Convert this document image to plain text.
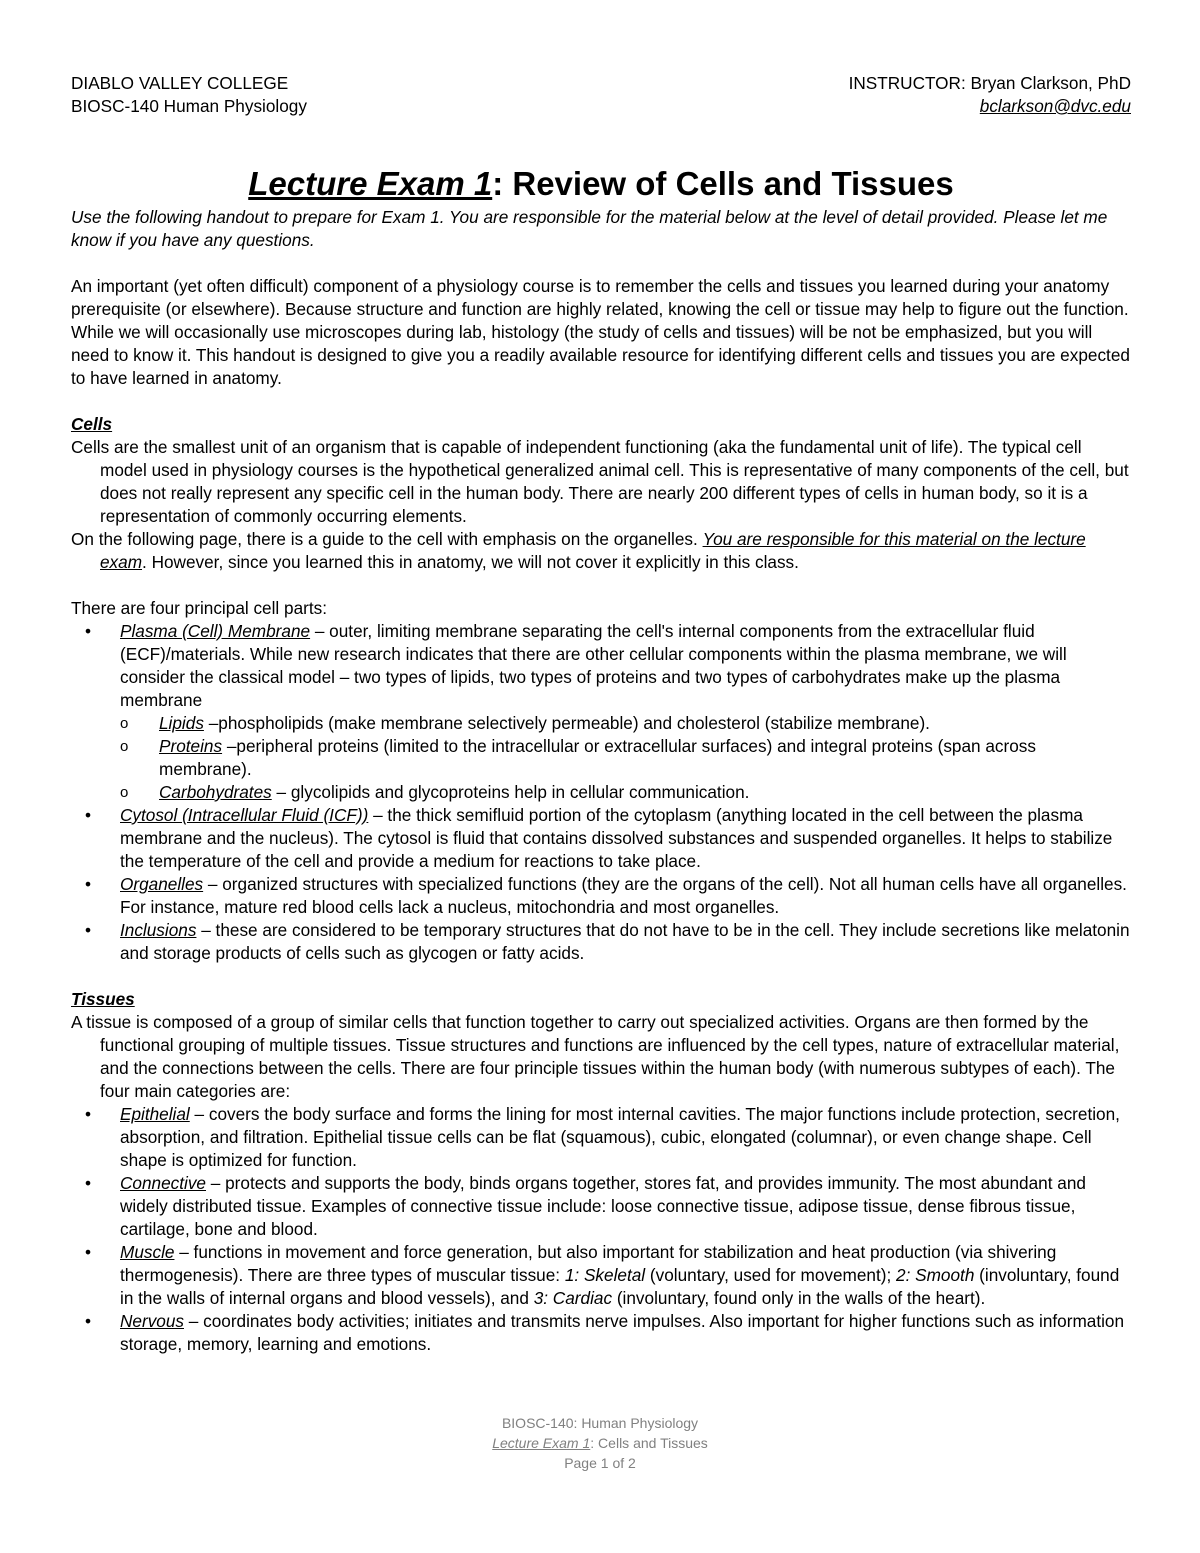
DIABLO VALLEY COLLEGE
BIOSC-140 Human Physiology
INSTRUCTOR: Bryan Clarkson, PhD
bclarkson@dvc.edu
Lecture Exam 1: Review of Cells and Tissues

Use the following handout to prepare for Exam 1. You are responsible for the material below at the level of detail provided. Please let me know if you have any questions.

An important (yet often difficult) component of a physiology course is to remember the cells and tissues you learned during your anatomy prerequisite (or elsewhere). Because structure and function are highly related, knowing the cell or tissue may help to figure out the function. While we will occasionally use microscopes during lab, histology (the study of cells and tissues) will be not be emphasized, but you will need to know it. This handout is designed to give you a readily available resource for identifying different cells and tissues you are expected to have learned in anatomy.

Cells

Cells are the smallest unit of an organism that is capable of independent functioning (aka the fundamental unit of life). The typical cell model used in physiology courses is the hypothetical generalized animal cell. This is representative of many components of the cell, but does not really represent any specific cell in the human body. There are nearly 200 different types of cells in human body, so it is a representation of commonly occurring elements.

On the following page, there is a guide to the cell with emphasis on the organelles. You are responsible for this material on the lecture exam. However, since you learned this in anatomy, we will not cover it explicitly in this class.

There are four principal cell parts:

• Plasma (Cell) Membrane – outer, limiting membrane separating the cell's internal components from the extracellular fluid (ECF)/materials. While new research indicates that there are other cellular components within the plasma membrane, we will consider the classical model – two types of lipids, two types of proteins and two types of carbohydrates make up the plasma membrane
o Lipids –phospholipids (make membrane selectively permeable) and cholesterol (stabilize membrane).
o Proteins –peripheral proteins (limited to the intracellular or extracellular surfaces) and integral proteins (span across membrane).
o Carbohydrates – glycolipids and glycoproteins help in cellular communication.
• Cytosol (Intracellular Fluid (ICF)) – the thick semifluid portion of the cytoplasm (anything located in the cell between the plasma membrane and the nucleus). The cytosol is fluid that contains dissolved substances and suspended organelles. It helps to stabilize the temperature of the cell and provide a medium for reactions to take place.
• Organelles – organized structures with specialized functions (they are the organs of the cell). Not all human cells have all organelles. For instance, mature red blood cells lack a nucleus, mitochondria and most organelles.
• Inclusions – these are considered to be temporary structures that do not have to be in the cell. They include secretions like melatonin and storage products of cells such as glycogen or fatty acids.
Tissues

A tissue is composed of a group of similar cells that function together to carry out specialized activities. Organs are then formed by the functional grouping of multiple tissues. Tissue structures and functions are influenced by the cell types, nature of extracellular material, and the connections between the cells. There are four principle tissues within the human body (with numerous subtypes of each). The four main categories are:

• Epithelial – covers the body surface and forms the lining for most internal cavities. The major functions include protection, secretion, absorption, and filtration. Epithelial tissue cells can be flat (squamous), cubic, elongated (columnar), or even change shape. Cell shape is optimized for function.
• Connective – protects and supports the body, binds organs together, stores fat, and provides immunity. The most abundant and widely distributed tissue. Examples of connective tissue include: loose connective tissue, adipose tissue, dense fibrous tissue, cartilage, bone and blood.
• Muscle – functions in movement and force generation, but also important for stabilization and heat production (via shivering thermogenesis). There are three types of muscular tissue: 1: Skeletal (voluntary, used for movement); 2: Smooth (involuntary, found in the walls of internal organs and blood vessels), and 3: Cardiac (involuntary, found only in the walls of the heart).
• Nervous – coordinates body activities; initiates and transmits nerve impulses. Also important for higher functions such as information storage, memory, learning and emotions.
BIOSC-140: Human Physiology
Lecture Exam 1: Cells and Tissues
Page 1 of 2
